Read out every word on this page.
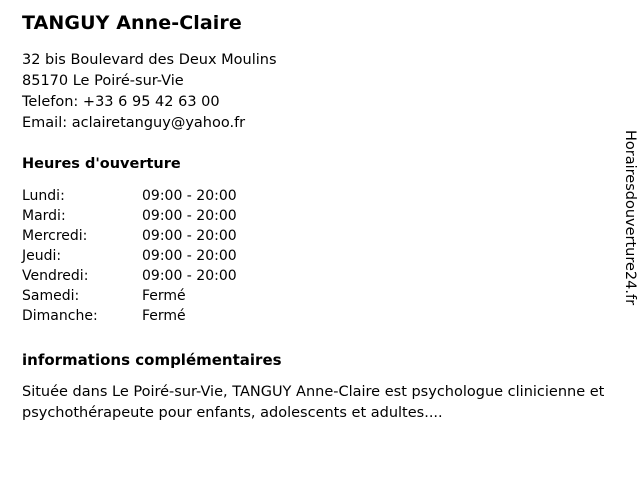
TANGUY Anne-Claire
32 bis Boulevard des Deux Moulins
85170 Le Poiré-sur-Vie
Telefon: +33 6 95 42 63 00
Email: aclairetanguy@yahoo.fr
Heures d'ouverture
Lundi:	09:00 - 20:00
Mardi:	09:00 - 20:00
Mercredi:	09:00 - 20:00
Jeudi:	09:00 - 20:00
Vendredi:	09:00 - 20:00
Samedi:	Fermé
Dimanche:	Fermé
informations complémentaires
Située dans Le Poiré-sur-Vie, TANGUY Anne-Claire est psychologue clinicienne et psychothérapeute pour enfants, adolescents et adultes....
Horairesdouverture24.fr
